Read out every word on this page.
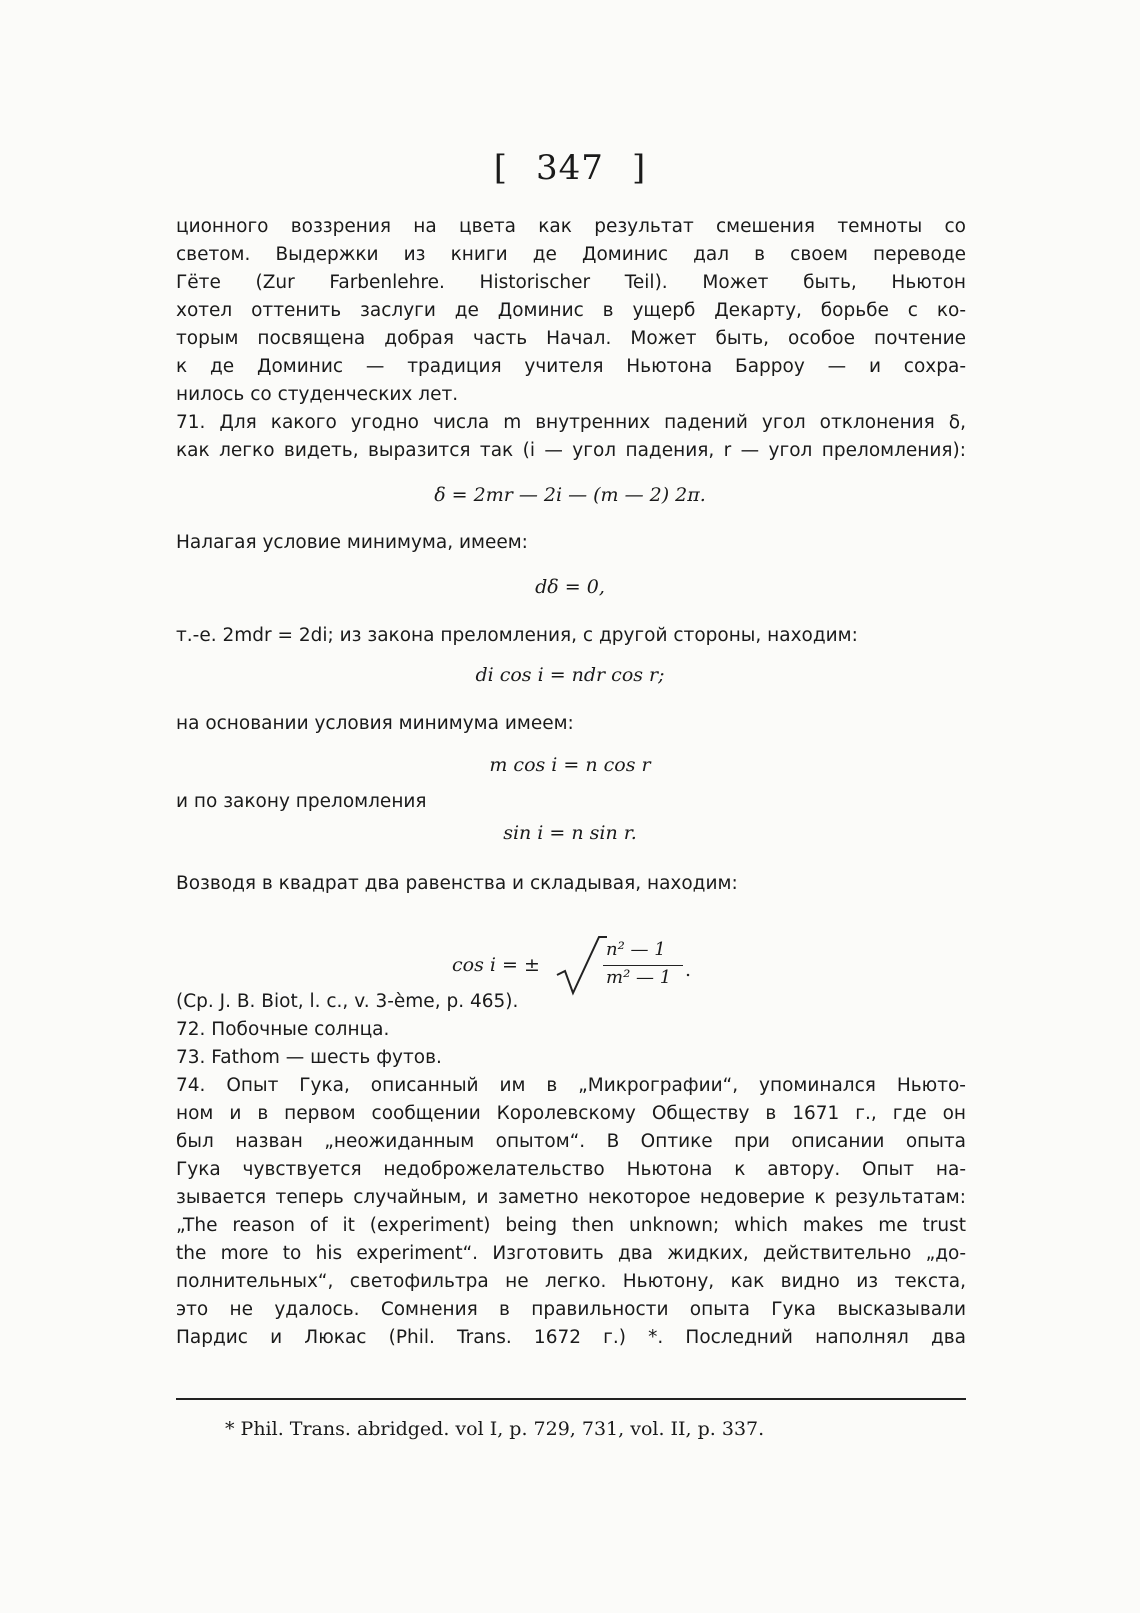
[ 347 ]
ционного воззрения на цвета как результат смешения темноты со
светом. Выдержки из книги де Доминис дал в своем переводе
Гёте (Zur Farbenlehre. Historischer Teil). Может быть, Ньютон
хотел оттенить заслуги де Доминис в ущерб Декарту, борьбе с ко-
торым посвящена добрая часть Начал. Может быть, особое почтение
к де Доминис — традиция учителя Ньютона Барроу — и сохра-
нилось со студенческих лет.
71. Для какого угодно числа m внутренних падений угол отклонения δ,
как легко видеть, выразится так (i — угол падения, r — угол преломления):
δ = 2mr — 2i — (m — 2) 2π.
Налагая условие минимума, имеем:
dδ = 0,
т.-е. 2mdr = 2di; из закона преломления, с другой стороны, находим:
di cos i = ndr cos r;
на основании условия минимума имеем:
m cos i = n cos r
и по закону преломления
sin i = n sin r.
Возводя в квадрат два равенства и складывая, находим:
cos i = ±
n² — 1
m² — 1 .
(Ср. J. B. Biot, l. c., v. 3-ème, p. 465).
72. Побочные солнца.
73. Fathom — шесть футов.
74. Опыт Гука, описанный им в „Микрографии“, упоминался Ньюто-
ном и в первом сообщении Королевскому Обществу в 1671 г., где он
был назван „неожиданным опытом“. В Оптике при описании опыта
Гука чувствуется недоброжелательство Ньютона к автору. Опыт на-
зывается теперь случайным, и заметно некоторое недоверие к результатам:
„The reason of it (experiment) being then unknown; which makes me trust
the more to his experiment“. Изготовить два жидких, действительно „до-
полнительных“, светофильтра не легко. Ньютону, как видно из текста,
это не удалось. Сомнения в правильности опыта Гука высказывали
Пардис и Люкас (Phil. Trans. 1672 г.) *. Последний наполнял два
* Phil. Trans. abridged. vol I, p. 729, 731, vol. II, p. 337.
